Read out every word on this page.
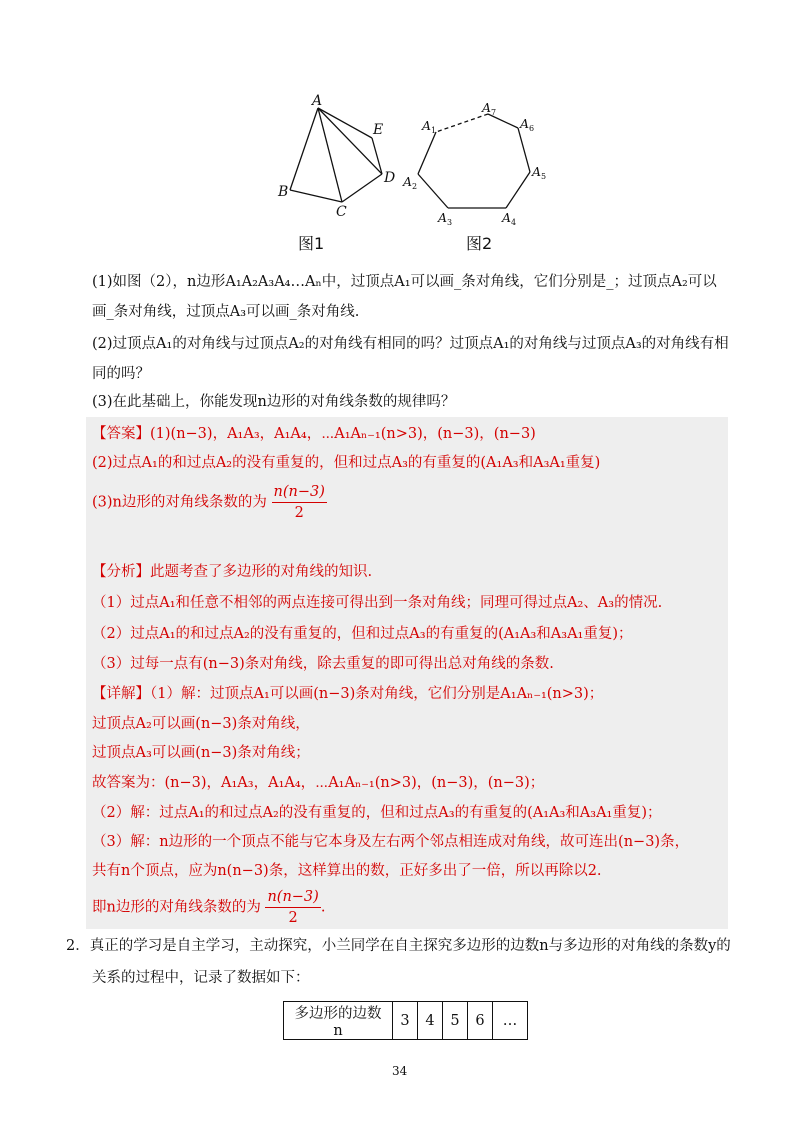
A
B
C
D
E
图1
$A_1$
$A_2$
$A_3$	$A_4$
$A_5$
$A_6$
$A_7$
图2
(1)如图（2），n边形A₁A₂A₃A₄…Aₙ中，过顶点A₁可以画_条对角线，它们分别是_；过顶点A₂可以
画_条对角线，过顶点A₃可以画_条对角线.
(2)过顶点A₁的对角线与过顶点A₂的对角线有相同的吗？过顶点A₁的对角线与过顶点A₃的对角线有相
同的吗？
(3)在此基础上，你能发现n边形的对角线条数的规律吗？
【答案】(1)(n−3)，A₁A₃，A₁A₄，⋯A₁Aₙ₋₁(n>3)，(n−3)，(n−3)
(2)过点A₁的和过点A₂的没有重复的，但和过点A₃的有重复的(A₁A₃和A₃A₁重复)
(3)n边形的对角线条数的为 $\frac{n(n-3)}{2}$
【分析】此题考查了多边形的对角线的知识.
（1）过点A₁和任意不相邻的两点连接可得出到一条对角线；同理可得过点A₂、A₃的情况.
（2）过点A₁的和过点A₂的没有重复的，但和过点A₃的有重复的(A₁A₃和A₃A₁重复)；
（3）过每一点有(n−3)条对角线，除去重复的即可得出总对角线的条数.
【详解】（1）解：过顶点A₁可以画(n−3)条对角线，它们分别是A₁Aₙ₋₁(n>3)；
过顶点A₂可以画(n−3)条对角线，
过顶点A₃可以画(n−3)条对角线；
故答案为：(n−3)，A₁A₃，A₁A₄，⋯A₁Aₙ₋₁(n>3)，(n−3)，(n−3)；
（2）解：过点A₁的和过点A₂的没有重复的，但和过点A₃的有重复的(A₁A₃和A₃A₁重复)；
（3）解：n边形的一个顶点不能与它本身及左右两个邻点相连成对角线，故可连出(n−3)条，
共有n个顶点，应为n(n−3)条，这样算出的数，正好多出了一倍，所以再除以2.
即n边形的对角线条数的为 $\frac{n(n-3)}{2}$ .
2．真正的学习是自主学习，主动探究，小兰同学在自主探究多边形的边数n与多边形的对角线的条数y的
关系的过程中，记录了数据如下：
多边形的边数n	3	4	5	6	…
34
